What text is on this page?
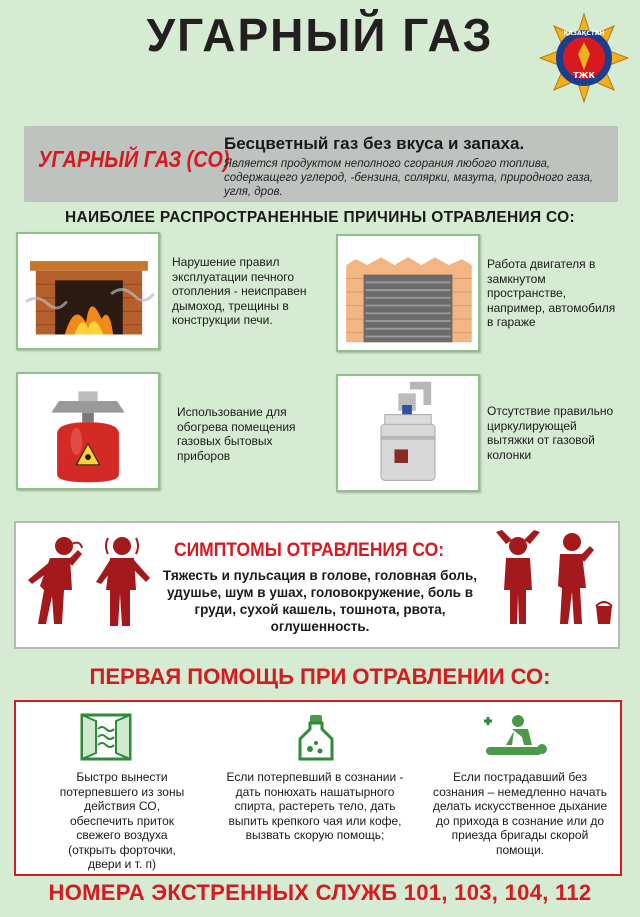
УГАРНЫЙ ГАЗ	ҚАЗАҚСТАН
ТЖК
УГАРНЫЙ ГАЗ (СО)
Бесцветный газ без вкуса и запаха.
Является продуктом неполного сгорания любого топлива, содержащего углерод, -бензина, солярки, мазута, природного газа, угля, дров.
НАИБОЛЕЕ РАСПРОСТРАНЕННЫЕ ПРИЧИНЫ ОТРАВЛЕНИЯ СО:
Нарушение правил эксплуатации печного отопления - неисправен дымоход, трещины в конструкции печи.
Работа двигателя в замкнутом пространстве, например, автомобиля в гараже
Использование для обогрева помещения газовых бытовых приборов
Отсутствие правильно циркулирующей вытяжки от газовой колонки
СИМПТОМЫ ОТРАВЛЕНИЯ СО:
Тяжесть и пульсация в голове, головная боль, удушье, шум в ушах, головокружение, боль в груди, сухой кашель, тошнота, рвота, оглушенность.
ПЕРВАЯ ПОМОЩЬ ПРИ ОТРАВЛЕНИИ СО:
Быстро вынести потерпевшего из зоны действия СО, обеспечить приток свежего воздуха (открыть форточки, двери и т. п)
Если потерпевший в сознании - дать понюхать нашатырного спирта, растереть тело, дать выпить крепкого чая или кофе, вызвать скорую помощь;
Если пострадавший без сознания – немедленно начать делать искусственное дыхание до прихода в сознание или до приезда бригады скорой помощи.
НОМЕРА ЭКСТРЕННЫХ СЛУЖБ 101, 103, 104, 112
